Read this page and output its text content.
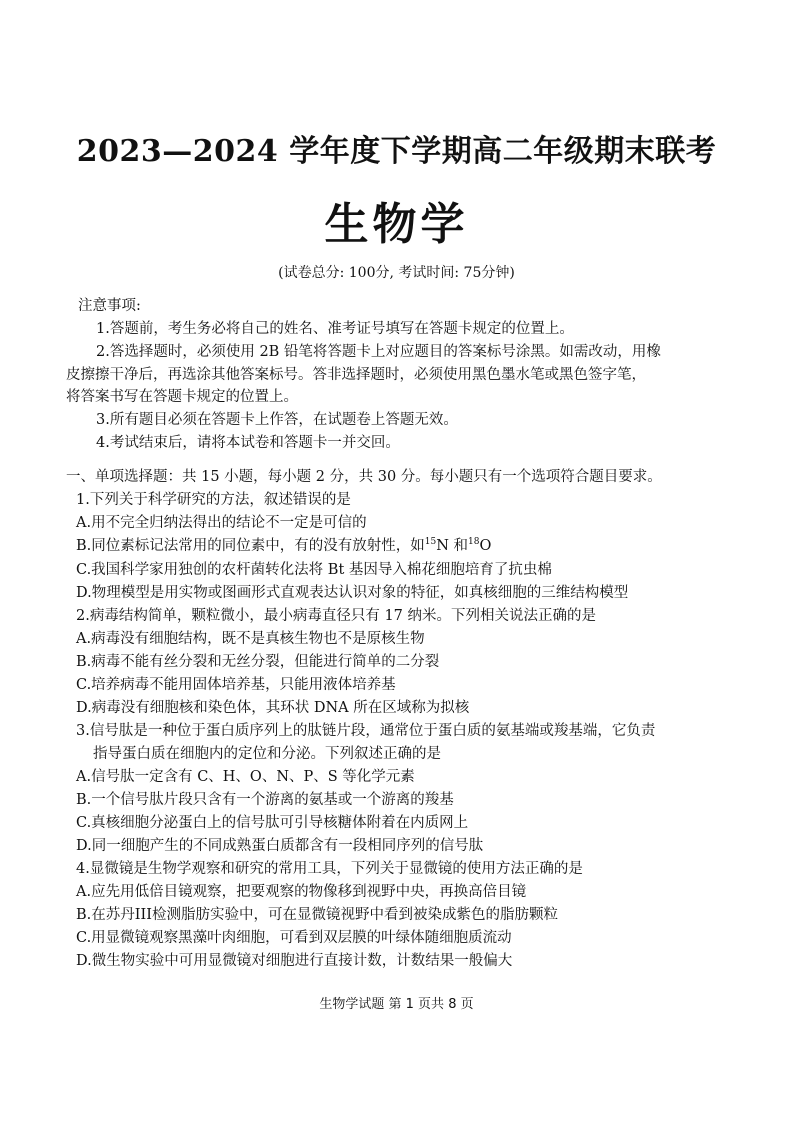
2023—2024 学年度下学期高二年级期末联考
生物学
(试卷总分: 100分, 考试时间: 75分钟)
注意事项:
1.答题前，考生务必将自己的姓名、准考证号填写在答题卡规定的位置上。
2.答选择题时，必须使用 2B 铅笔将答题卡上对应题目的答案标号涂黑。如需改动，用橡
皮擦擦干净后，再选涂其他答案标号。答非选择题时，必须使用黑色墨水笔或黑色签字笔，
将答案书写在答题卡规定的位置上。
3.所有题目必须在答题卡上作答，在试题卷上答题无效。
4.考试结束后，请将本试卷和答题卡一并交回。
一、单项选择题：共 15 小题，每小题 2 分，共 30 分。每小题只有一个选项符合题目要求。
1.下列关于科学研究的方法，叙述错误的是
A.用不完全归纳法得出的结论不一定是可信的
B.同位素标记法常用的同位素中，有的没有放射性，如$^{15}$N 和$^{18}$O
C.我国科学家用独创的农杆菌转化法将 Bt 基因导入棉花细胞培育了抗虫棉
D.物理模型是用实物或图画形式直观表达认识对象的特征，如真核细胞的三维结构模型
2.病毒结构简单，颗粒微小，最小病毒直径只有 17 纳米。下列相关说法正确的是
A.病毒没有细胞结构，既不是真核生物也不是原核生物
B.病毒不能有丝分裂和无丝分裂，但能进行简单的二分裂
C.培养病毒不能用固体培养基，只能用液体培养基
D.病毒没有细胞核和染色体，其环状 DNA 所在区域称为拟核
3.信号肽是一种位于蛋白质序列上的肽链片段，通常位于蛋白质的氨基端或羧基端，它负责
指导蛋白质在细胞内的定位和分泌。下列叙述正确的是
A.信号肽一定含有 C、H、O、N、P、S 等化学元素
B.一个信号肽片段只含有一个游离的氨基或一个游离的羧基
C.真核细胞分泌蛋白上的信号肽可引导核糖体附着在内质网上
D.同一细胞产生的不同成熟蛋白质都含有一段相同序列的信号肽
4.显微镜是生物学观察和研究的常用工具，下列关于显微镜的使用方法正确的是
A.应先用低倍目镜观察，把要观察的物像移到视野中央，再换高倍目镜
B.在苏丹III检测脂肪实验中，可在显微镜视野中看到被染成紫色的脂肪颗粒
C.用显微镜观察黑藻叶肉细胞，可看到双层膜的叶绿体随细胞质流动
D.微生物实验中可用显微镜对细胞进行直接计数，计数结果一般偏大
生物学试题 第 1 页共 8 页
